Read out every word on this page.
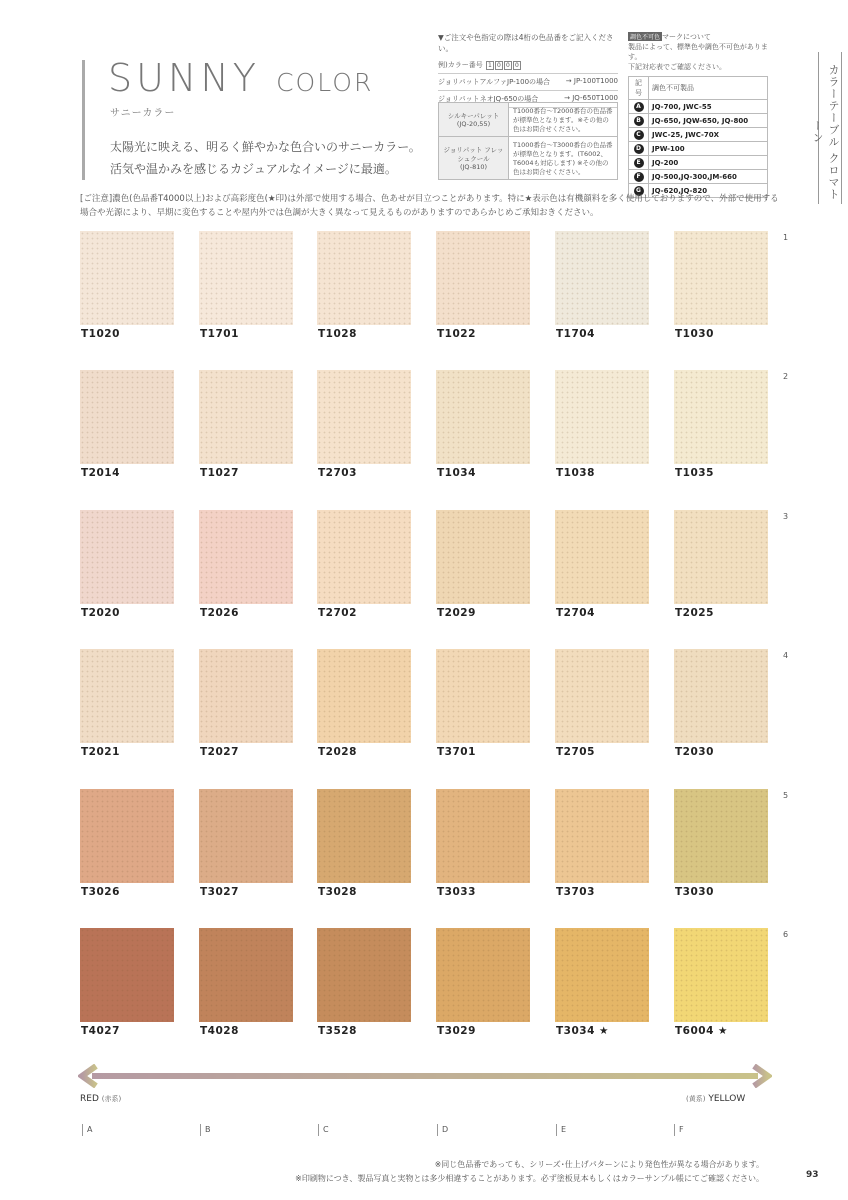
SUNNY COLOR
サニーカラー
太陽光に映える、明るく鮮やかな色合いのサニーカラー。
活気や温かみを感じるカジュアルなイメージに最適。
▼ご注文や色指定の際は4桁の色品番をご記入ください。
例)カラー番号 1 0 0 0
ジョリパットアルファJP-100の場合 → JP-100T1000
ジョリパットネオJQ-650の場合	→ JQ-650T1000
シルキーパレット
(JQ-20,55)	T1000番台～T2000番台の色品番が標準色となります。※その他の色はお問合せください。

ジョリパット フレッシュクール
(JQ-810)	T1000番台～T3000番台の色品番が標準色となります。(T6002、T6004も対応します) ※その他の色はお問合せください。
調色不可色 マークについて
製品によって、標準色や調色不可色があります。
下記対応表でご確認ください。
記号	調色不可製品
A	JQ-700, JWC-55
B	JQ-650, JQW-650, JQ-800
C	JWC-25, JWC-70X
D	JPW-100
E	JQ-200
F	JQ-500,JQ-300,JM-660
G	JQ-620,JQ-820	カラーテーブル クロマトーン
[ご注意]濃色(色品番T4000以上)および高彩度色(★印)は外部で使用する場合、色あせが目立つことがあります。特に★表示色は有機顔料を多く使用しておりますので、外部で使用する場合や光源により、早期に変色することや屋内外では色調が大きく異なって見えるものがありますのであらかじめご承知おきください。
1
T1020	T1701	T1028	T1022	T1704	T1030
2
T2014	T1027	T2703	T1034	T1038	T1035
3
T2020	T2026	T2702	T2029	T2704	T2025
4
T2021	T2027	T2028	T3701	T2705	T2030
5
T3026	T3027	T3028	T3033	T3703	T3030
6
T4027	T4028	T3528	T3029	T3034 ★	T6004 ★
RED (赤系)	(黄系) YELLOW
A	B	C	D	E	F
※同じ色品番であっても、シリーズ･仕上げパターンにより発色性が異なる場合があります。
※印刷物につき、製品写真と実物とは多少相違することがあります。必ず塗板見本もしくはカラーサンプル帳にてご確認ください。	93
